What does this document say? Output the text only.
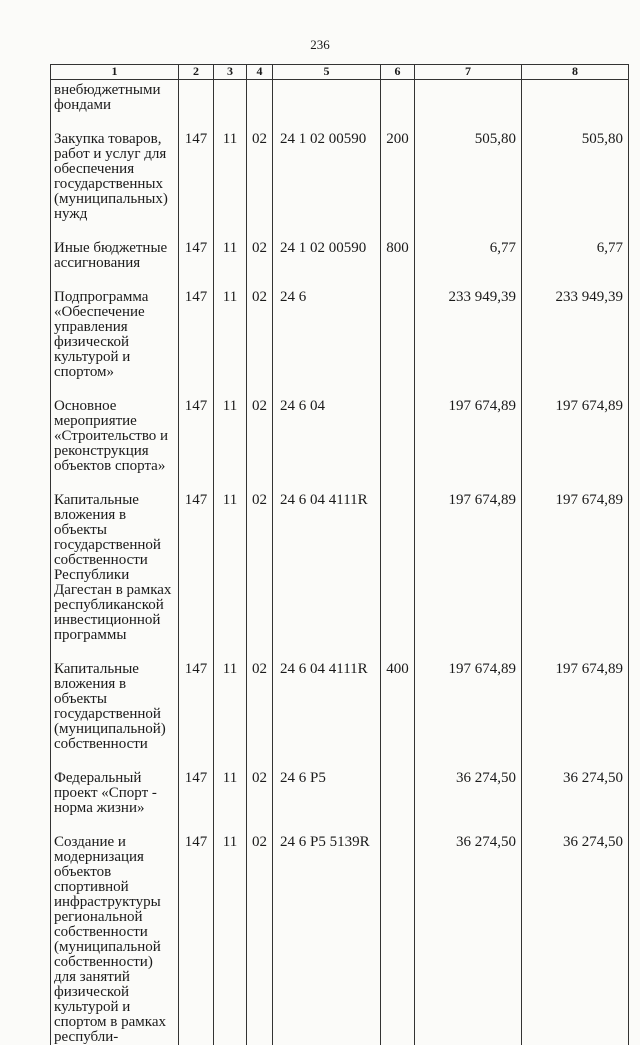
236
1	2	3	4	5	6	7	8
внебюджетными фондами							
Закупка товаров, работ и услуг для обеспечения государственных (муниципальных) нужд	147	11	02	24 1 02 00590	200	505,80	505,80
Иные бюджетные ассигнования	147	11	02	24 1 02 00590	800	6,77	6,77
Подпрограмма «Обеспечение управления физической культурой и спортом»	147	11	02	24 6		233 949,39	233 949,39
Основное мероприятие «Строительство и реконструкция объектов спорта»	147	11	02	24 6 04		197 674,89	197 674,89
Капитальные вложения в объекты государственной собственности Республики Дагестан в рамках республиканской инвестиционной программы	147	11	02	24 6 04 4111R		197 674,89	197 674,89
Капитальные вложения в объекты государственной (муниципальной) собственности	147	11	02	24 6 04 4111R	400	197 674,89	197 674,89
Федеральный проект «Спорт - норма жизни»	147	11	02	24 6 P5		36 274,50	36 274,50
Создание и модернизация объектов спортивной инфраструктуры региональной собственности (муниципальной собственности) для занятий физической культурой и спортом в рамках республи-	147	11	02	24 6 P5 5139R		36 274,50	36 274,50
